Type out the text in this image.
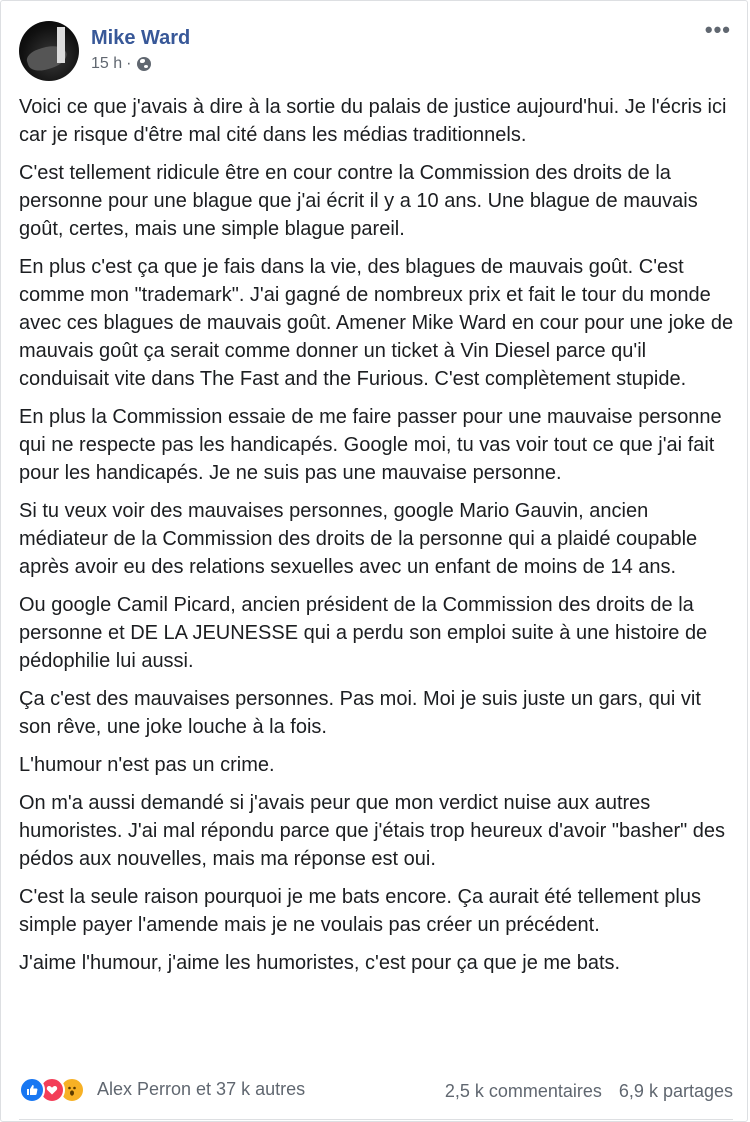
Mike Ward
15 h ·
•••

Voici ce que j'avais à dire à la sortie du palais de justice aujourd'hui. Je l'écris ici car je risque d'être mal cité dans les médias traditionnels.

C'est tellement ridicule être en cour contre la Commission des droits de la personne pour une blague que j'ai écrit il y a 10 ans. Une blague de mauvais goût, certes, mais une simple blague pareil.

En plus c'est ça que je fais dans la vie, des blagues de mauvais goût. C'est comme mon "trademark". J'ai gagné de nombreux prix et fait le tour du monde avec ces blagues de mauvais goût. Amener Mike Ward en cour pour une joke de mauvais goût ça serait comme donner un ticket à Vin Diesel parce qu'il conduisait vite dans The Fast and the Furious. C'est complètement stupide.

En plus la Commission essaie de me faire passer pour une mauvaise personne qui ne respecte pas les handicapés. Google moi, tu vas voir tout ce que j'ai fait pour les handicapés. Je ne suis pas une mauvaise personne.

Si tu veux voir des mauvaises personnes, google Mario Gauvin, ancien médiateur de la Commission des droits de la personne qui a plaidé coupable après avoir eu des relations sexuelles avec un enfant de moins de 14 ans.

Ou google Camil Picard, ancien président de la Commission des droits de la personne et DE LA JEUNESSE qui a perdu son emploi suite à une histoire de pédophilie lui aussi.

Ça c'est des mauvaises personnes. Pas moi. Moi je suis juste un gars, qui vit son rêve, une joke louche à la fois.

L'humour n'est pas un crime.

On m'a aussi demandé si j'avais peur que mon verdict nuise aux autres humoristes. J'ai mal répondu parce que j'étais trop heureux d'avoir "basher" des pédos aux nouvelles, mais ma réponse est oui.

C'est la seule raison pourquoi je me bats encore. Ça aurait été tellement plus simple payer l'amende mais je ne voulais pas créer un précédent.

J'aime l'humour, j'aime les humoristes, c'est pour ça que je me bats.

Alex Perron et 37 k autres	2,5 k commentaires 6,9 k partages
